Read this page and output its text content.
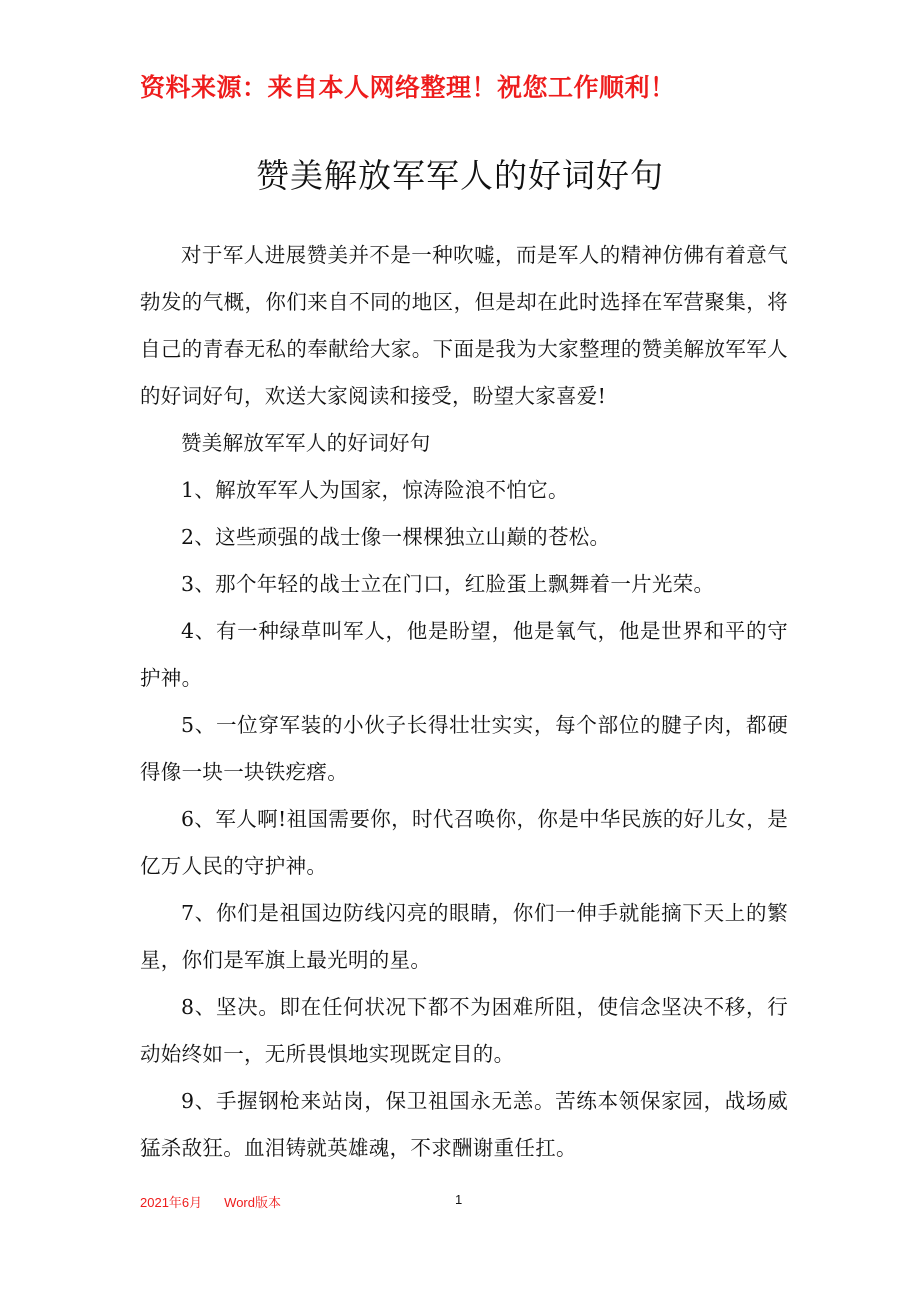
资料来源：来自本人网络整理！祝您工作顺利！
赞美解放军军人的好词好句

对于军人进展赞美并不是一种吹嘘，而是军人的精神仿佛有着意气勃发的气概，你们来自不同的地区，但是却在此时选择在军营聚集，将自己的青春无私的奉献给大家。下面是我为大家整理的赞美解放军军人的好词好句，欢送大家阅读和接受，盼望大家喜爱!

赞美解放军军人的好词好句

1、解放军军人为国家，惊涛险浪不怕它。

2、这些顽强的战士像一棵棵独立山巅的苍松。

3、那个年轻的战士立在门口，红脸蛋上飘舞着一片光荣。

4、有一种绿草叫军人，他是盼望，他是氧气，他是世界和平的守护神。

5、一位穿军装的小伙子长得壮壮实实，每个部位的腱子肉，都硬得像一块一块铁疙瘩。

6、军人啊!祖国需要你，时代召唤你，你是中华民族的好儿女，是亿万人民的守护神。

7、你们是祖国边防线闪亮的眼睛，你们一伸手就能摘下天上的繁星，你们是军旗上最光明的星。

8、坚决。即在任何状况下都不为困难所阻，使信念坚决不移，行动始终如一，无所畏惧地实现既定目的。

9、手握钢枪来站岗，保卫祖国永无恙。苦练本领保家园，战场威猛杀敌狂。血泪铸就英雄魂，不求酬谢重任扛。

2021年6月 Word版本	1
